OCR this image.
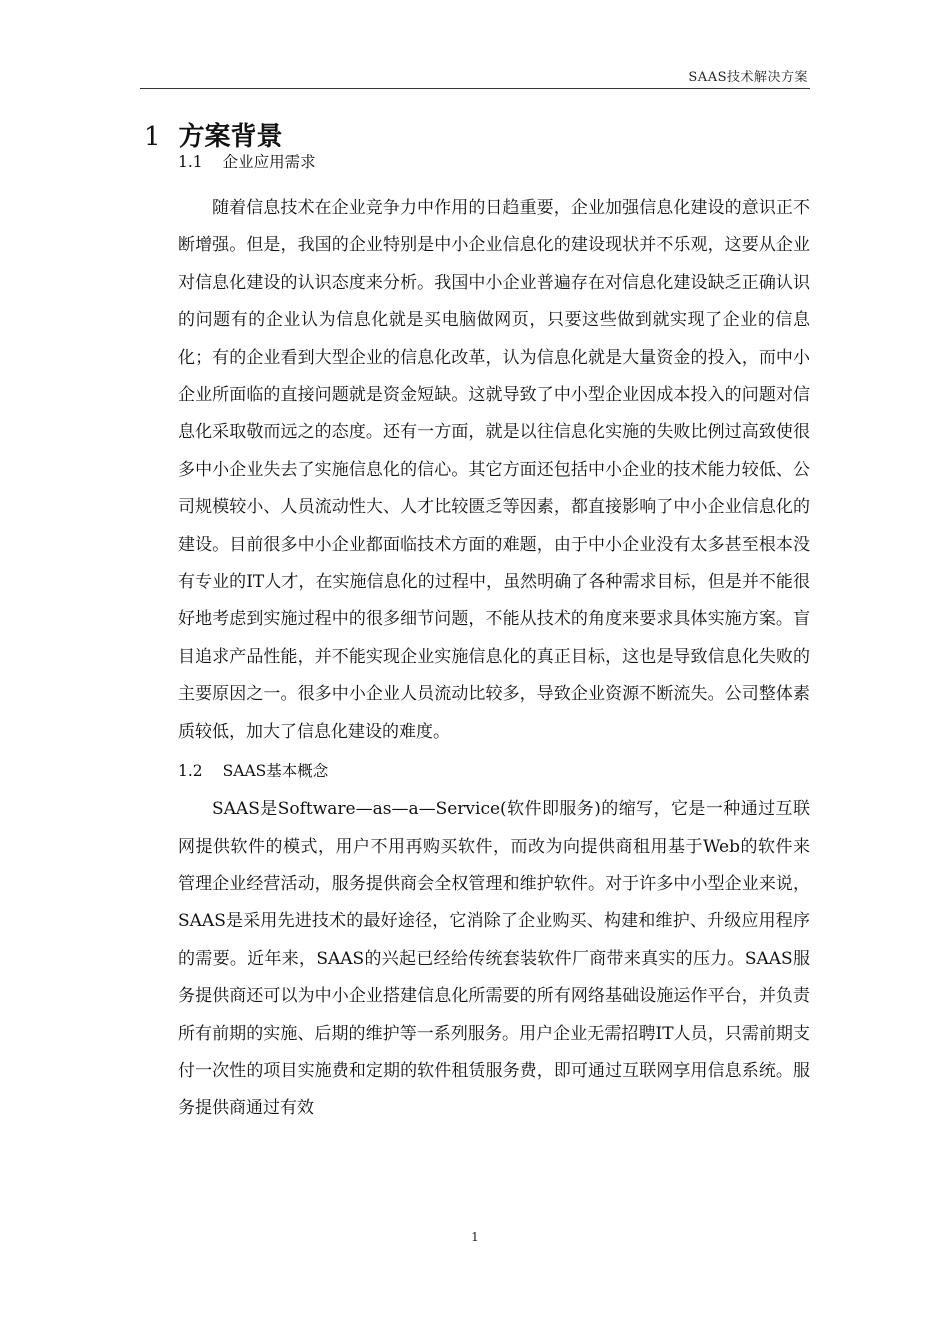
SAAS技术解决方案
1 方案背景
1.1 企业应用需求

随着信息技术在企业竞争力中作用的日趋重要，企业加强信息化建设的意识正不断增强。但是，我国的企业特别是中小企业信息化的建设现状并不乐观，这要从企业对信息化建设的认识态度来分析。我国中小企业普遍存在对信息化建设缺乏正确认识的问题有的企业认为信息化就是买电脑做网页，只要这些做到就实现了企业的信息化；有的企业看到大型企业的信息化改革，认为信息化就是大量资金的投入，而中小企业所面临的直接问题就是资金短缺。这就导致了中小型企业因成本投入的问题对信息化采取敬而远之的态度。还有一方面，就是以往信息化实施的失败比例过高致使很多中小企业失去了实施信息化的信心。其它方面还包括中小企业的技术能力较低、公司规模较小、人员流动性大、人才比较匮乏等因素，都直接影响了中小企业信息化的建设。目前很多中小企业都面临技术方面的难题，由于中小企业没有太多甚至根本没有专业的IT人才，在实施信息化的过程中，虽然明确了各种需求目标，但是并不能很好地考虑到实施过程中的很多细节问题，不能从技术的角度来要求具体实施方案。盲目追求产品性能，并不能实现企业实施信息化的真正目标，这也是导致信息化失败的主要原因之一。很多中小企业人员流动比较多，导致企业资源不断流失。公司整体素质较低，加大了信息化建设的难度。

1.2 SAAS基本概念

SAAS是Software—as—a—Service(软件即服务)的缩写，它是一种通过互联网提供软件的模式，用户不用再购买软件，而改为向提供商租用基于Web的软件来管理企业经营活动，服务提供商会全权管理和维护软件。对于许多中小型企业来说，SAAS是采用先进技术的最好途径，它消除了企业购买、构建和维护、升级应用程序的需要。近年来，SAAS的兴起已经给传统套装软件厂商带来真实的压力。SAAS服务提供商还可以为中小企业搭建信息化所需要的所有网络基础设施运作平台，并负责所有前期的实施、后期的维护等一系列服务。用户企业无需招聘IT人员，只需前期支付一次性的项目实施费和定期的软件租赁服务费，即可通过互联网享用信息系统。服务提供商通过有效

1
